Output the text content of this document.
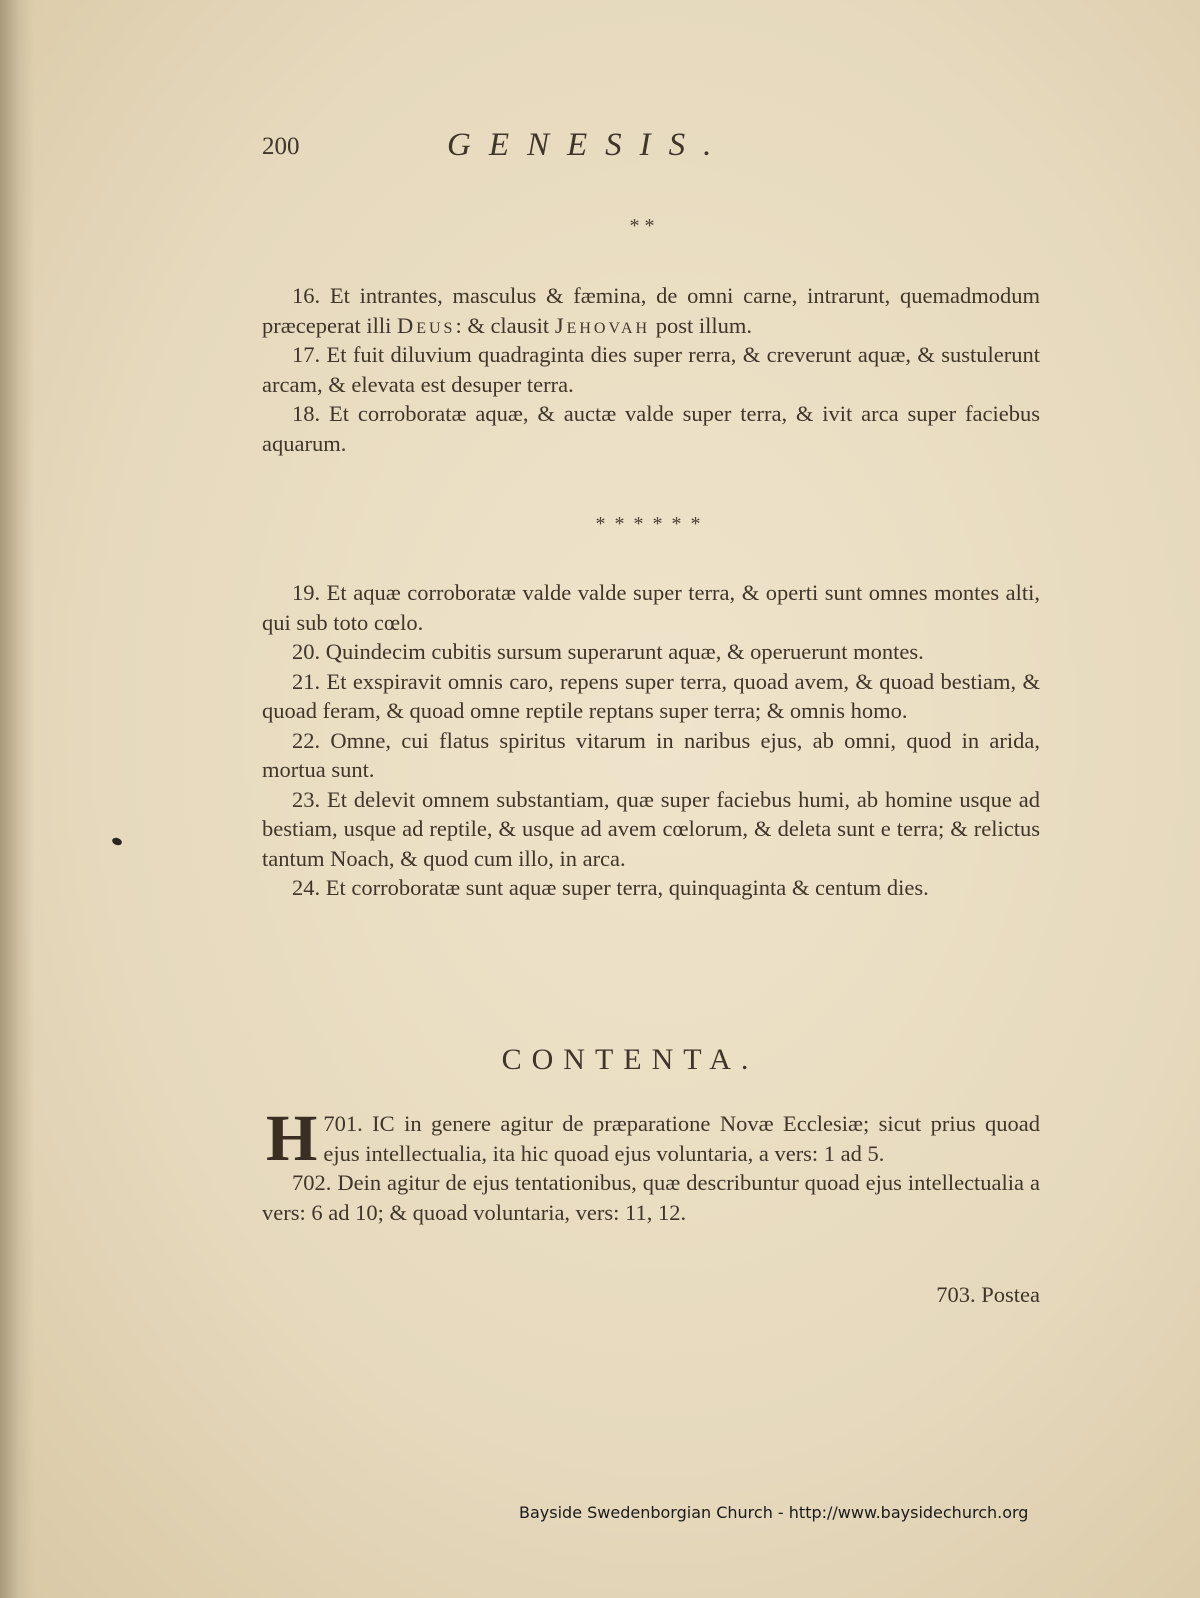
200	GENESIS.
* *

16. Et intrantes, masculus & fæmina, de omni carne, intrarunt, quemadmodum præceperat illi Deus: & clausit Jehovah post illum.

17. Et fuit diluvium quadraginta dies super rerra, & creverunt aquæ, & sustulerunt arcam, & elevata est desuper terra.

18. Et corroboratæ aquæ, & auctæ valde super terra, & ivit arca super faciebus aquarum.

* * * * * *

19. Et aquæ corroboratæ valde valde super terra, & operti sunt omnes montes alti, qui sub toto cœlo.

20. Quindecim cubitis sursum superarunt aquæ, & operuerunt montes.

21. Et exspiravit omnis caro, repens super terra, quoad avem, & quoad bestiam, & quoad feram, & quoad omne reptile reptans super terra; & omnis homo.

22. Omne, cui flatus spiritus vitarum in naribus ejus, ab omni, quod in arida, mortua sunt.

23. Et delevit omnem substantiam, quæ super faciebus humi, ab homine usque ad bestiam, usque ad reptile, & usque ad avem cœlorum, & deleta sunt e terra; & relictus tantum Noach, & quod cum illo, in arca.

24. Et corroboratæ sunt aquæ super terra, quinquaginta & centum dies.

CONTENTA.

701.
H IC in genere agitur de præparatione Novæ Ecclesiæ; sicut prius quoad ejus intellectualia, ita hic quoad ejus voluntaria, a vers: 1 ad 5.

702. Dein agitur de ejus tentationibus, quæ describuntur quoad ejus intellectualia a vers: 6 ad 10; & quoad voluntaria, vers: 11, 12.

703. Postea
Bayside Swedenborgian Church - http://www.baysidechurch.org
